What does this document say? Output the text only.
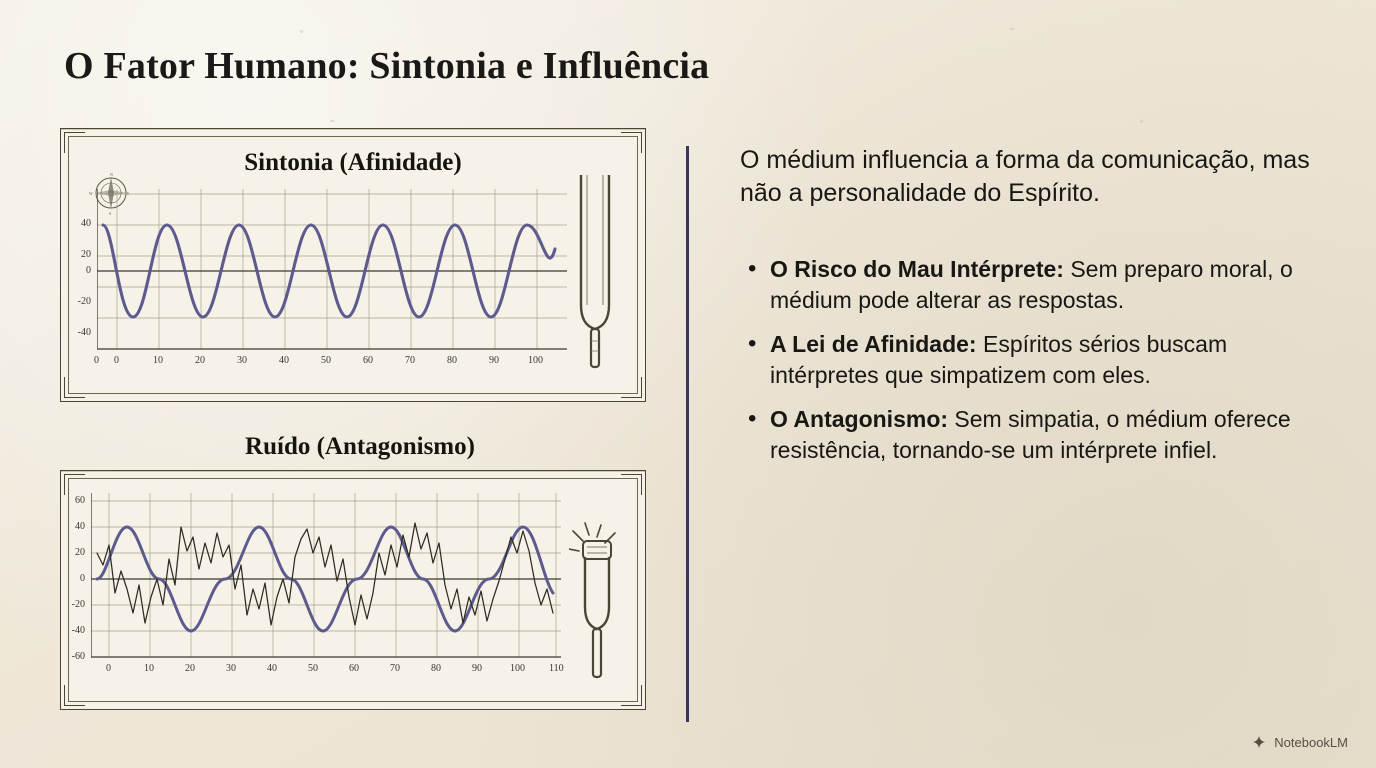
O Fator Humano: Sintonia e Influência
Sintonia (Afinidade)
N
E
S
W
40
20
0
-20
-40
0 0	10	20	30	40	50	60	70	80	90	100
Ruído (Antagonismo)
60
40
20
0
-20
-40
-60
0	10	20	30	40	50	60	70	80	90	100 110
O médium influencia a forma da comunicação, mas não a personalidade do Espírito.
• O Risco do Mau Intérprete: Sem preparo moral, o médium pode alterar as respostas.
• A Lei de Afinidade: Espíritos sérios buscam intérpretes que simpatizem com eles.
• O Antagonismo: Sem simpatia, o médium oferece resistência, tornando-se um intérprete infiel.
NotebookLM
